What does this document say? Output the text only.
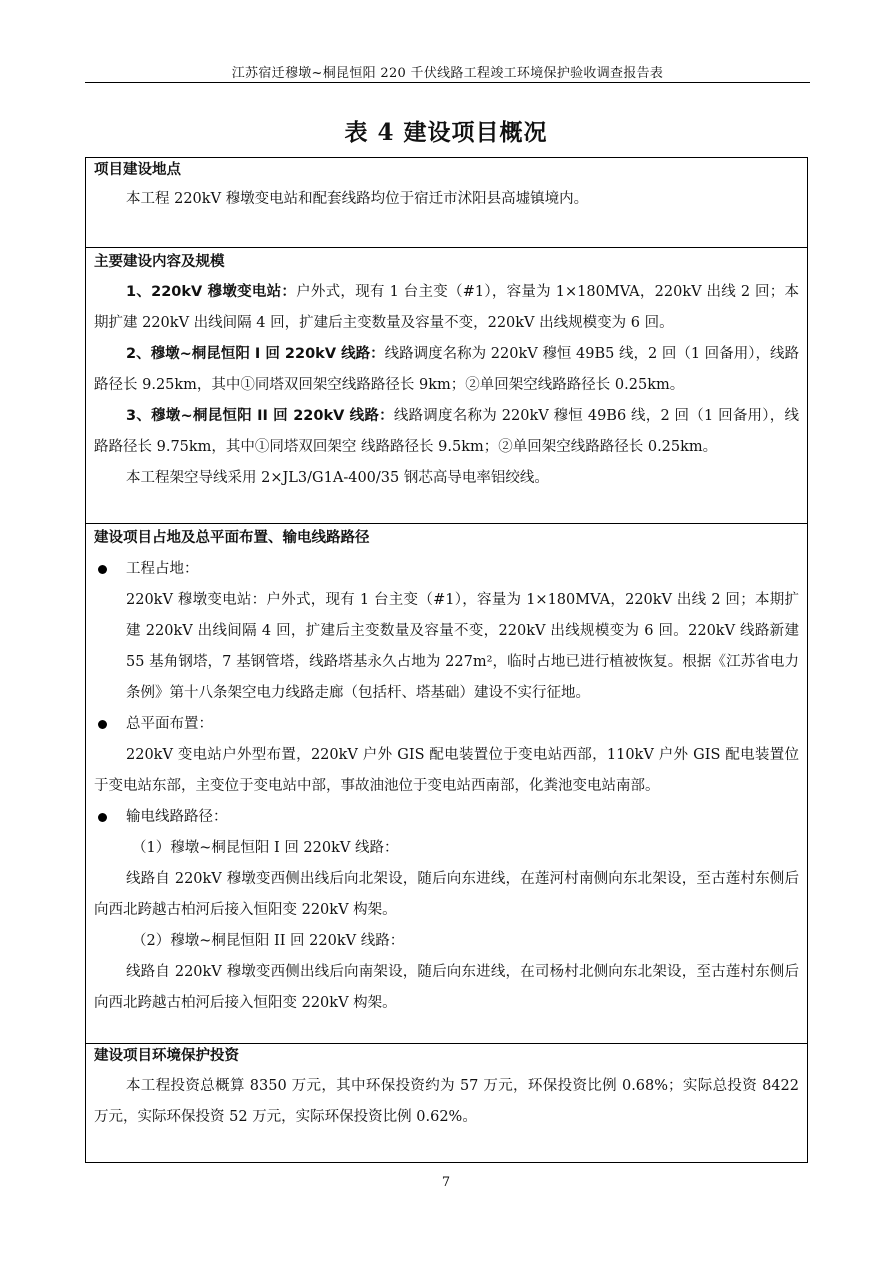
江苏宿迁穆墩~桐昆恒阳 220 千伏线路工程竣工环境保护验收调查报告表
表 4 建设项目概况
项目建设地点

本工程 220kV 穆墩变电站和配套线路均位于宿迁市沭阳县高墟镇境内。

主要建设内容及规模

1、220kV 穆墩变电站：户外式，现有 1 台主变（#1），容量为 1×180MVA，220kV 出线 2 回；本期扩建 220kV 出线间隔 4 回，扩建后主变数量及容量不变，220kV 出线规模变为 6 回。

2、穆墩~桐昆恒阳 I 回 220kV 线路：线路调度名称为 220kV 穆恒 49B5 线，2 回（1 回备用），线路路径长 9.25km，其中①同塔双回架空线路路径长 9km；②单回架空线路路径长 0.25km。

3、穆墩~桐昆恒阳 II 回 220kV 线路：线路调度名称为 220kV 穆恒 49B6 线，2 回（1 回备用），线路路径长 9.75km，其中①同塔双回架空 线路路径长 9.5km；②单回架空线路路径长 0.25km。

本工程架空导线采用 2×JL3/G1A-400/35 钢芯高导电率铝绞线。

建设项目占地及总平面布置、输电线路路径
工程占地：
220kV 穆墩变电站：户外式，现有 1 台主变（#1），容量为 1×180MVA，220kV 出线 2 回；本期扩建 220kV 出线间隔 4 回，扩建后主变数量及容量不变，220kV 出线规模变为 6 回。220kV 线路新建 55 基角钢塔，7 基钢管塔，线路塔基永久占地为 227m²，临时占地已进行植被恢复。根据《江苏省电力条例》第十八条架空电力线路走廊（包括杆、塔基础）建设不实行征地。
总平面布置：

220kV 变电站户外型布置，220kV 户外 GIS 配电装置位于变电站西部，110kV 户外 GIS 配电装置位于变电站东部，主变位于变电站中部，事故油池位于变电站西南部，化粪池变电站南部。

输电线路路径：
（1）穆墩~桐昆恒阳 I 回 220kV 线路：

线路自 220kV 穆墩变西侧出线后向北架设，随后向东进线，在莲河村南侧向东北架设，至古莲村东侧后向西北跨越古柏河后接入恒阳变 220kV 构架。

（2）穆墩~桐昆恒阳 II 回 220kV 线路：

线路自 220kV 穆墩变西侧出线后向南架设，随后向东进线，在司杨村北侧向东北架设，至古莲村东侧后向西北跨越古柏河后接入恒阳变 220kV 构架。

建设项目环境保护投资

本工程投资总概算 8350 万元，其中环保投资约为 57 万元，环保投资比例 0.68%；实际总投资 8422 万元，实际环保投资 52 万元，实际环保投资比例 0.62%。

7
